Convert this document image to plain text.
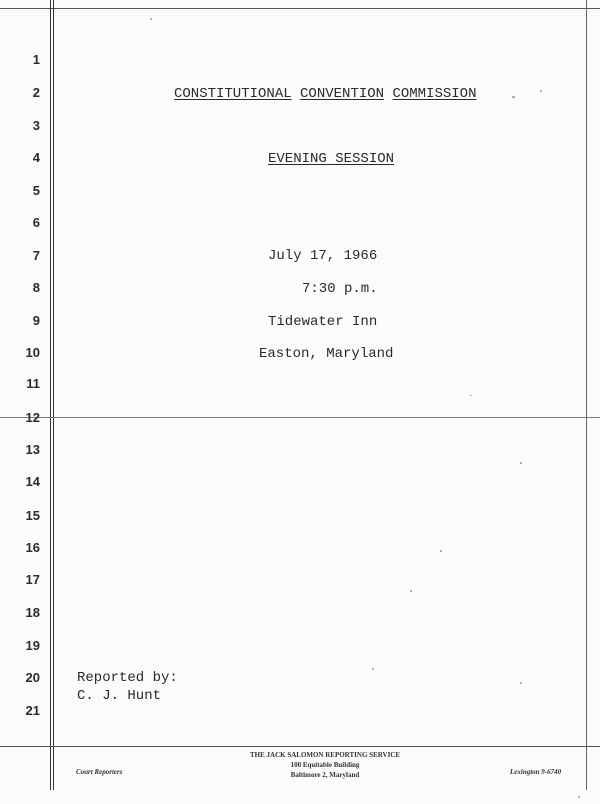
1
2
3
4
5
6
7
8
9
10
11
12
13
14
15
16
17
18
19
20
21
CONSTITUTIONAL CONVENTION COMMISSION
EVENING SESSION
July 17, 1966
7:30 p.m.
Tidewater Inn
Easton, Maryland
Reported by:
C. J. Hunt
Court Reporters
THE JACK SALOMON REPORTING SERVICE
100 Equitable Building
Baltimore 2, Maryland	Lexington 9-6740
